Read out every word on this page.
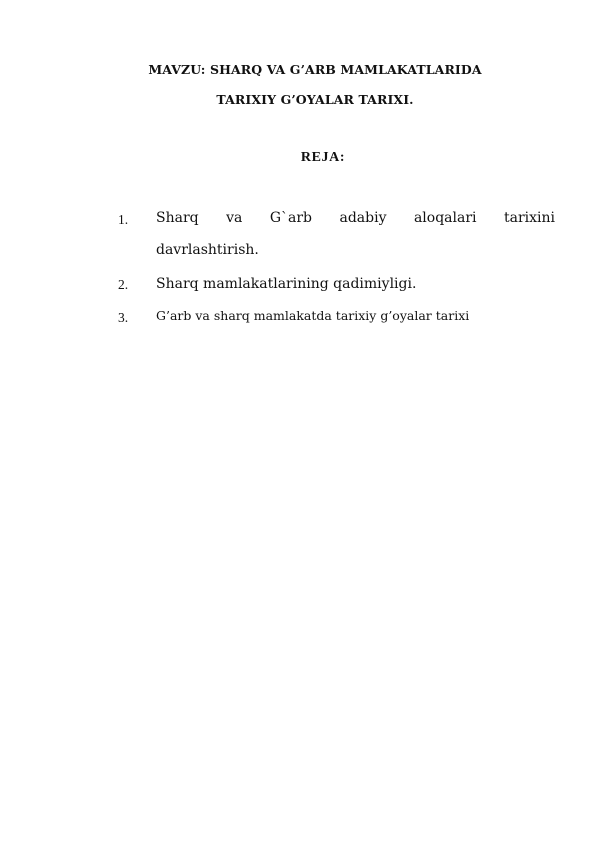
MAVZU: SHARQ VA G’ARB MAMLAKATLARIDA
TARIXIY G’OYALAR TARIXI.
REJA:
1. Sharq va G`arb adabiy aloqalari tarixini
davrlashtirish.
2. Sharq mamlakatlarining qadimiyligi.
3. G’arb va sharq mamlakatda tarixiy g’oyalar tarixi
